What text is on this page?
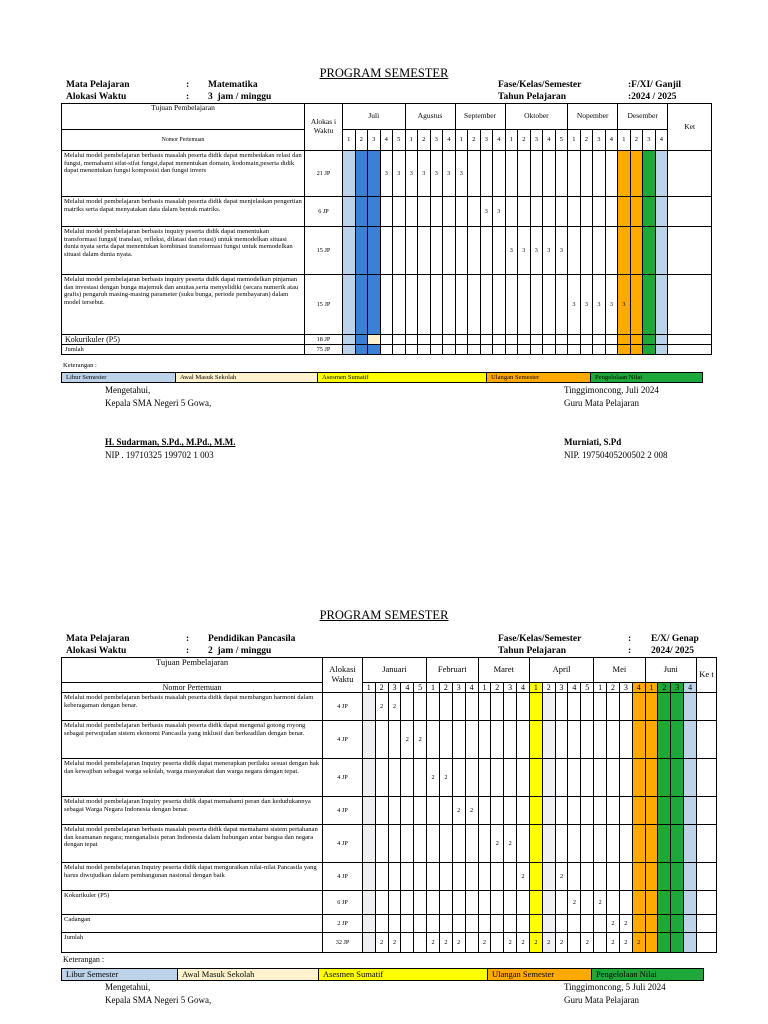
PROGRAM SEMESTER
Mata Pelajaran	: Matematika
Alokasi Waktu	: 3  jam / minggu
Fase/Kelas/Semester	:F/XI/ Ganjil
Tahun Pelajaran	:2024 / 2025
Tujuan Pembelajaran	Alokas i Waktu	Juli					Agustus				September				Oktober					Nopember				Desember				Ket
Nomor Pertemuan		1	2	3	4	5	1	2	3	4	1	2	3	4	1	2	3	4	5	1	2	3	4	1	2	3	4	
Melalui model pembelajaran berbasis masalah peserta didik dapat membedakan relasi dan fungsi, memahami sifat-sifat fungsi,dapat menentukan domain, kodomain,peserta didik dapat menentukan fungsi komposisi dan fungsi invers	21 JP				3	3	3	3	3	3	3																	
Melalui model pembelajaran berbasis masalah peserta didik dapat menjelaskan pengertian matriks serta dapat menyatakan data dalam bentuk matriks.	6 JP												3	3														
Melalui model pembelajaran berbasis inquiry peserta didik dapat menentukan transformasi fungsi( translasi, refleksi, dilatasi dan rotasi) untuk memodelkan situasi dunia nyata serta dapat menentukan kombinasi transformasi fungsi untuk memodelkan situasi dalam dunia nyata.	15 JP														3	3	3	3	3									
Melalui model pembelajaran berbasis inquiry peserta didik dapat memodelkan pinjaman dan investasi dengan bunga majemuk dan anuitas,serta menyelidiki (secara numerik atau grafis) pengaruh masing-masing parameter (suku bunga, periode pembayaran) dalam model tersebut.	15 JP																			3	3	3	3	3				
Kokurikuler (P5)	18 JP																											
Jumlah	75 JP																											
Keterangan :
Libur Semester	Awal Masuk Sekolah	Asesmen Sumatif	Ulangan Semester	Pengelolaan Nilai
Mengetahui,
Kepala SMA Negeri 5 Gowa,
Tinggimoncong, Juli 2024
Guru Mata Pelajaran
H. Sudarman, S.Pd., M.Pd., M.M.
NIP . 19710325 199702 1 003
Murniati, S.Pd
NIP. 19750405200502 2 008
PROGRAM SEMESTER
Mata Pelajaran	: Pendidikan Pancasila
Alokasi Waktu	: 2  jam / minggu
Fase/Kelas/Semester	: E/X/ Genap
Tahun Pelajaran	: 2024/ 2025
Tujuan Pembelajaran	Alokasi Waktu	Januari					Februari				Maret				April					Mei				Juni				Ke t
Nomor Pertemuan		1	2	3	4	5	1	2	3	4	1	2	3	4	1	2	3	4	5	1	2	3	4	1	2	3	4	
Melalui model pembelajaran berbasis masalah peserta didik dapat membangun harmoni dalam keberagaman dengan benar.	4 JP		2	2																								
Melalui model pembelajaran berbasis masalah peserta didik dapat mengenal gotong royong sebagai perwujudan sistem ekonomi Pancasila yang inklusif dan berkeadilan dengan benar.	4 JP				2	2																						
Melalui model pembelajaran Inquiry peserta didik dapat menerapkan perilaku sesuai dengan hak dan kewajiban sebagai warga sekolah, warga masyarakat dan warga negara dengan tepat.	4 JP						2	2																				
Melalui model pembelajaran Inquiry peserta didik dapat memahami peran dan kedudukannya sebagai Warga Negara Indonesia dengan benar.	4 JP								2	2																		
Melalui model pembelajaran berbasis masalah peserta didik dapat memahami sistem pertahanan dan keamanan negara; menganalisis peran Indonesia dalam hubungan antar bangsa dan negara dengan tepat	4 JP											2	2															
Melalui model pembelajaran Inquiry peserta didik dapat menguraikan nilai-nilai Pancasila yang harus diwujudkan dalam pembangunan nasional dengan baik	4 JP													2			2											
Kokurikuler (P5)	6 JP																	2		2								
Cadangan	2 JP																				2	2						
Jumlah	32 JP		2	2			2	2	2		2		2	2	2	2	2		2		2	2	2					
Keterangan :
Libur Semester	Awal Masuk Sekolah	Asesmen Sumatif	Ulangan Semester	Pengelolaan Nilai
Mengetahui,
Kepala SMA Negeri 5 Gowa,
Tinggimoncong, 5 Juli 2024
Guru Mata Pelajaran
